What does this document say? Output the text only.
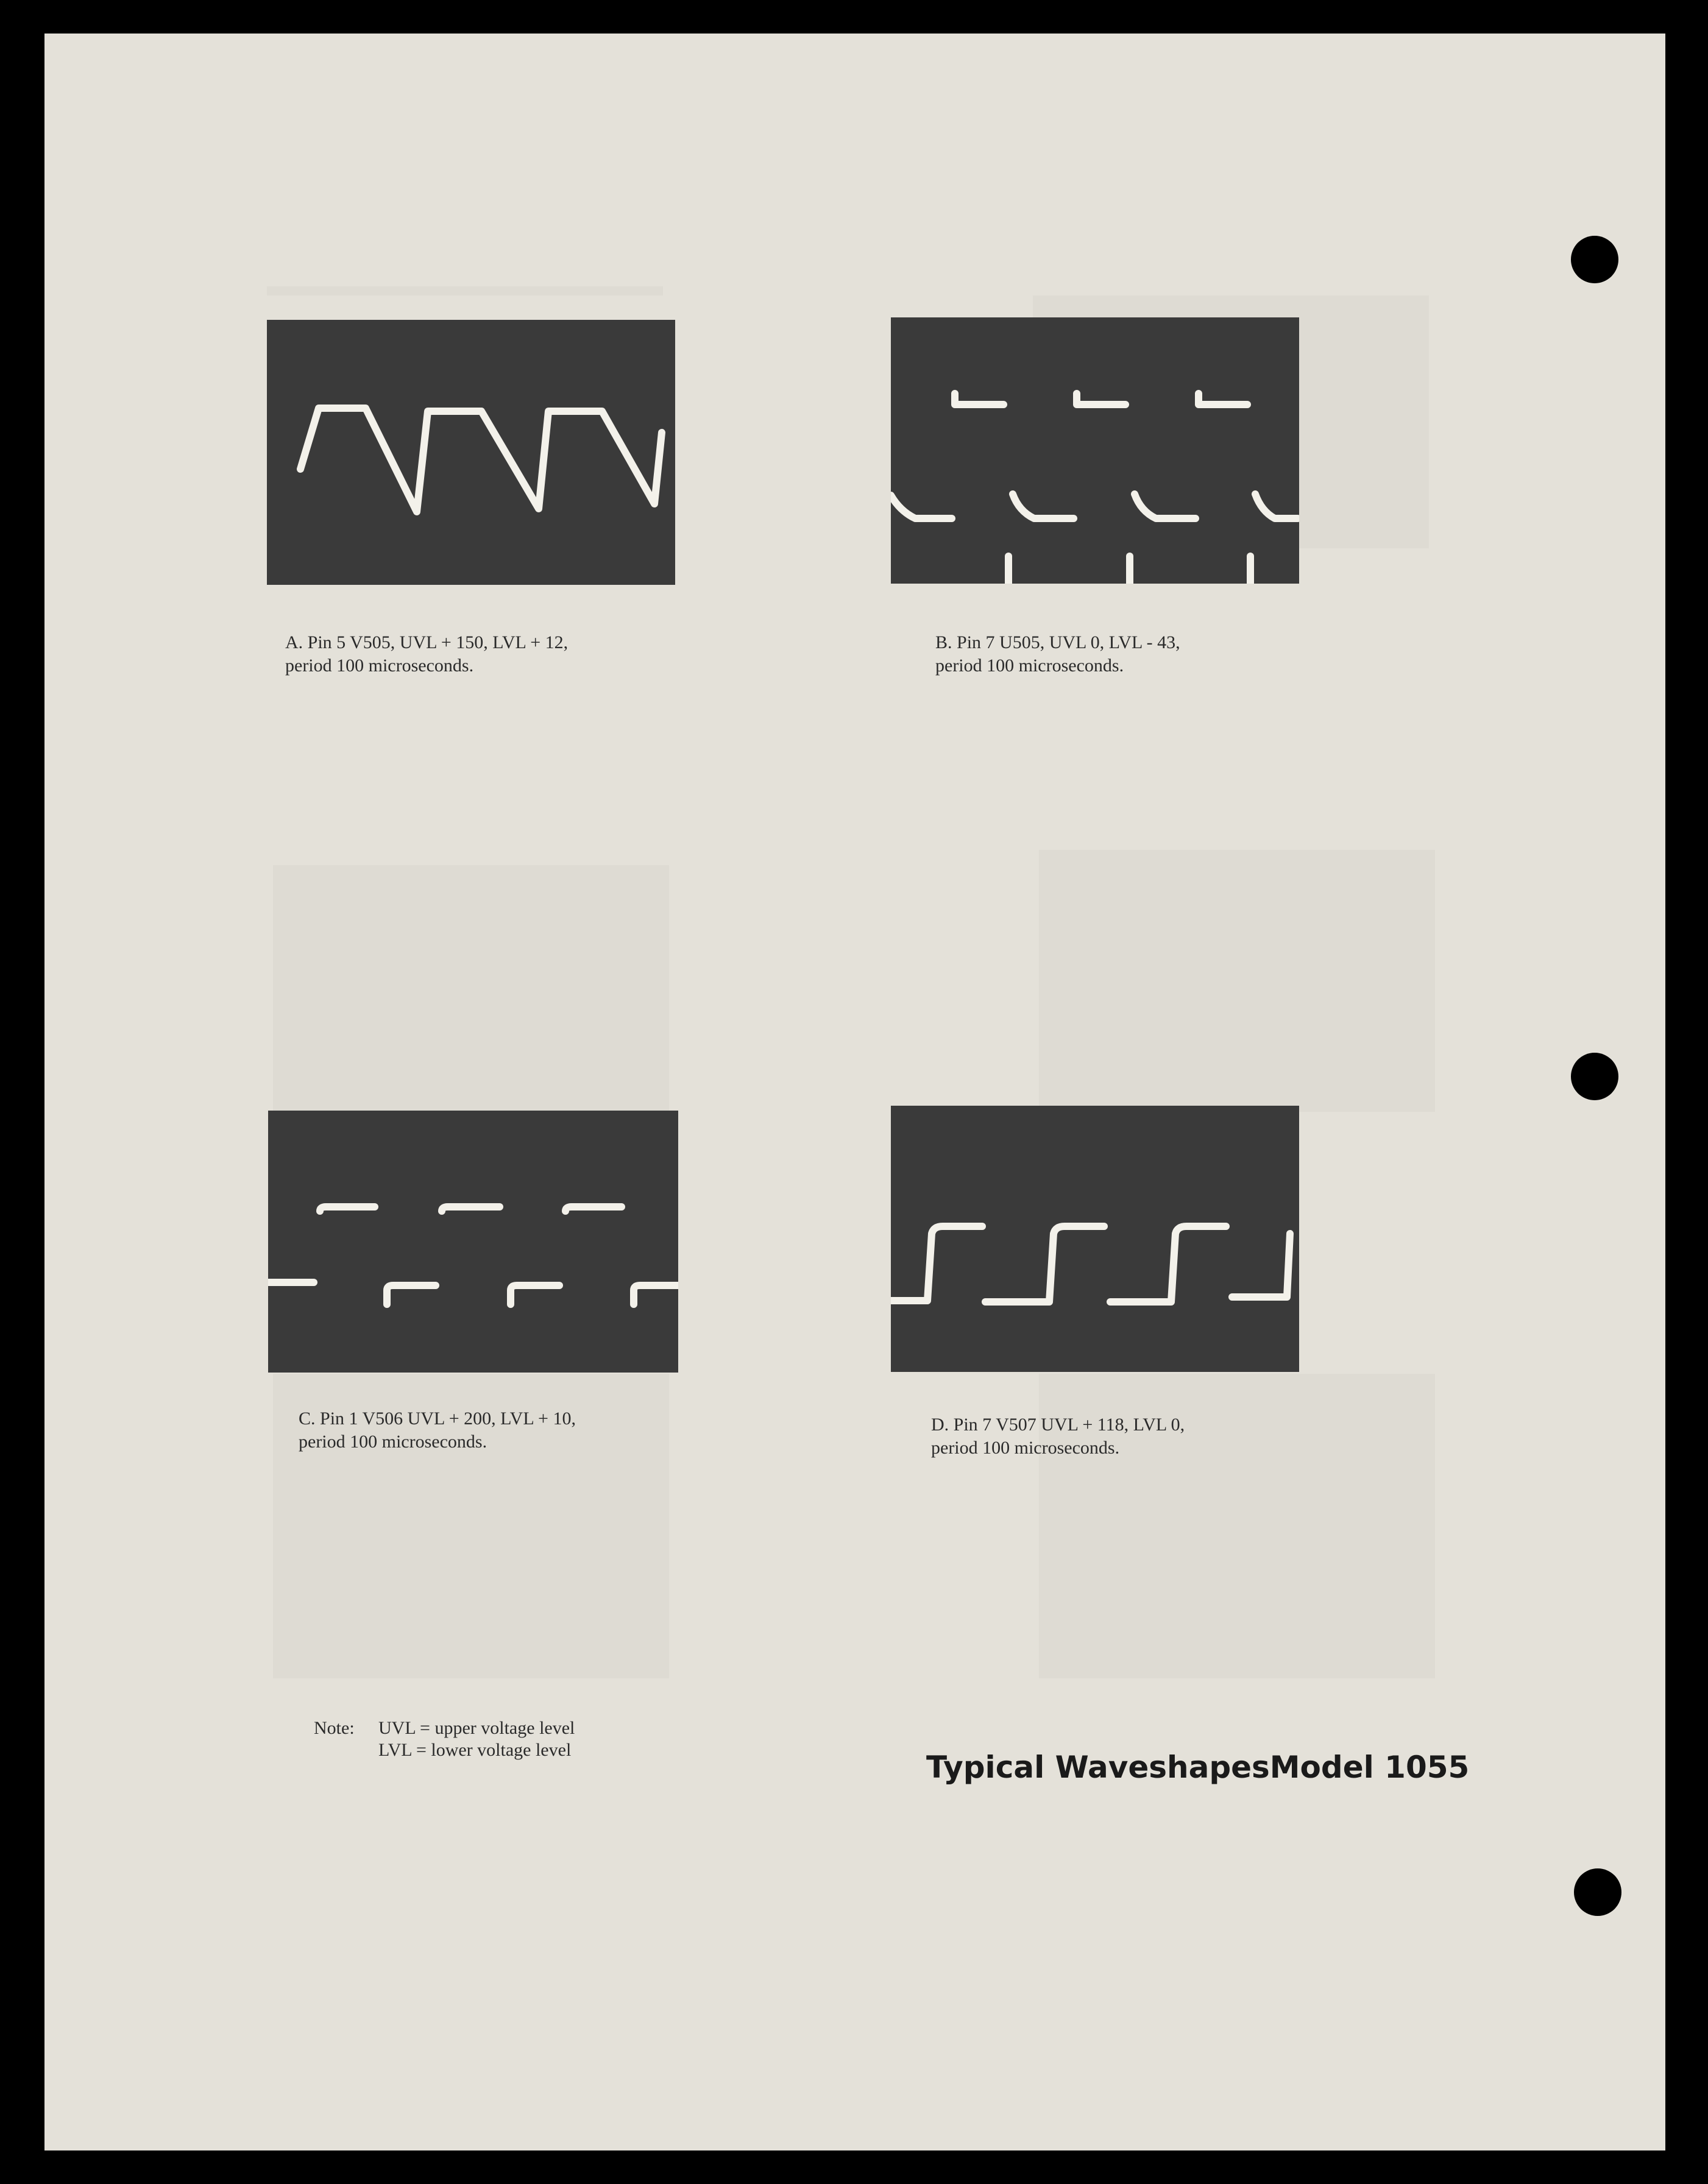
A. Pin 5 V505, UVL + 150, LVL + 12,
period 100 microseconds.
B. Pin 7 U505, UVL 0, LVL - 43,
period 100 microseconds.
C. Pin 1 V506 UVL + 200, LVL + 10,
period 100 microseconds.
D. Pin 7 V507 UVL + 118, LVL 0,
period 100 microseconds.
Note:	UVL = upper voltage level
LVL = lower voltage level	Typical WaveshapesModel 1055
